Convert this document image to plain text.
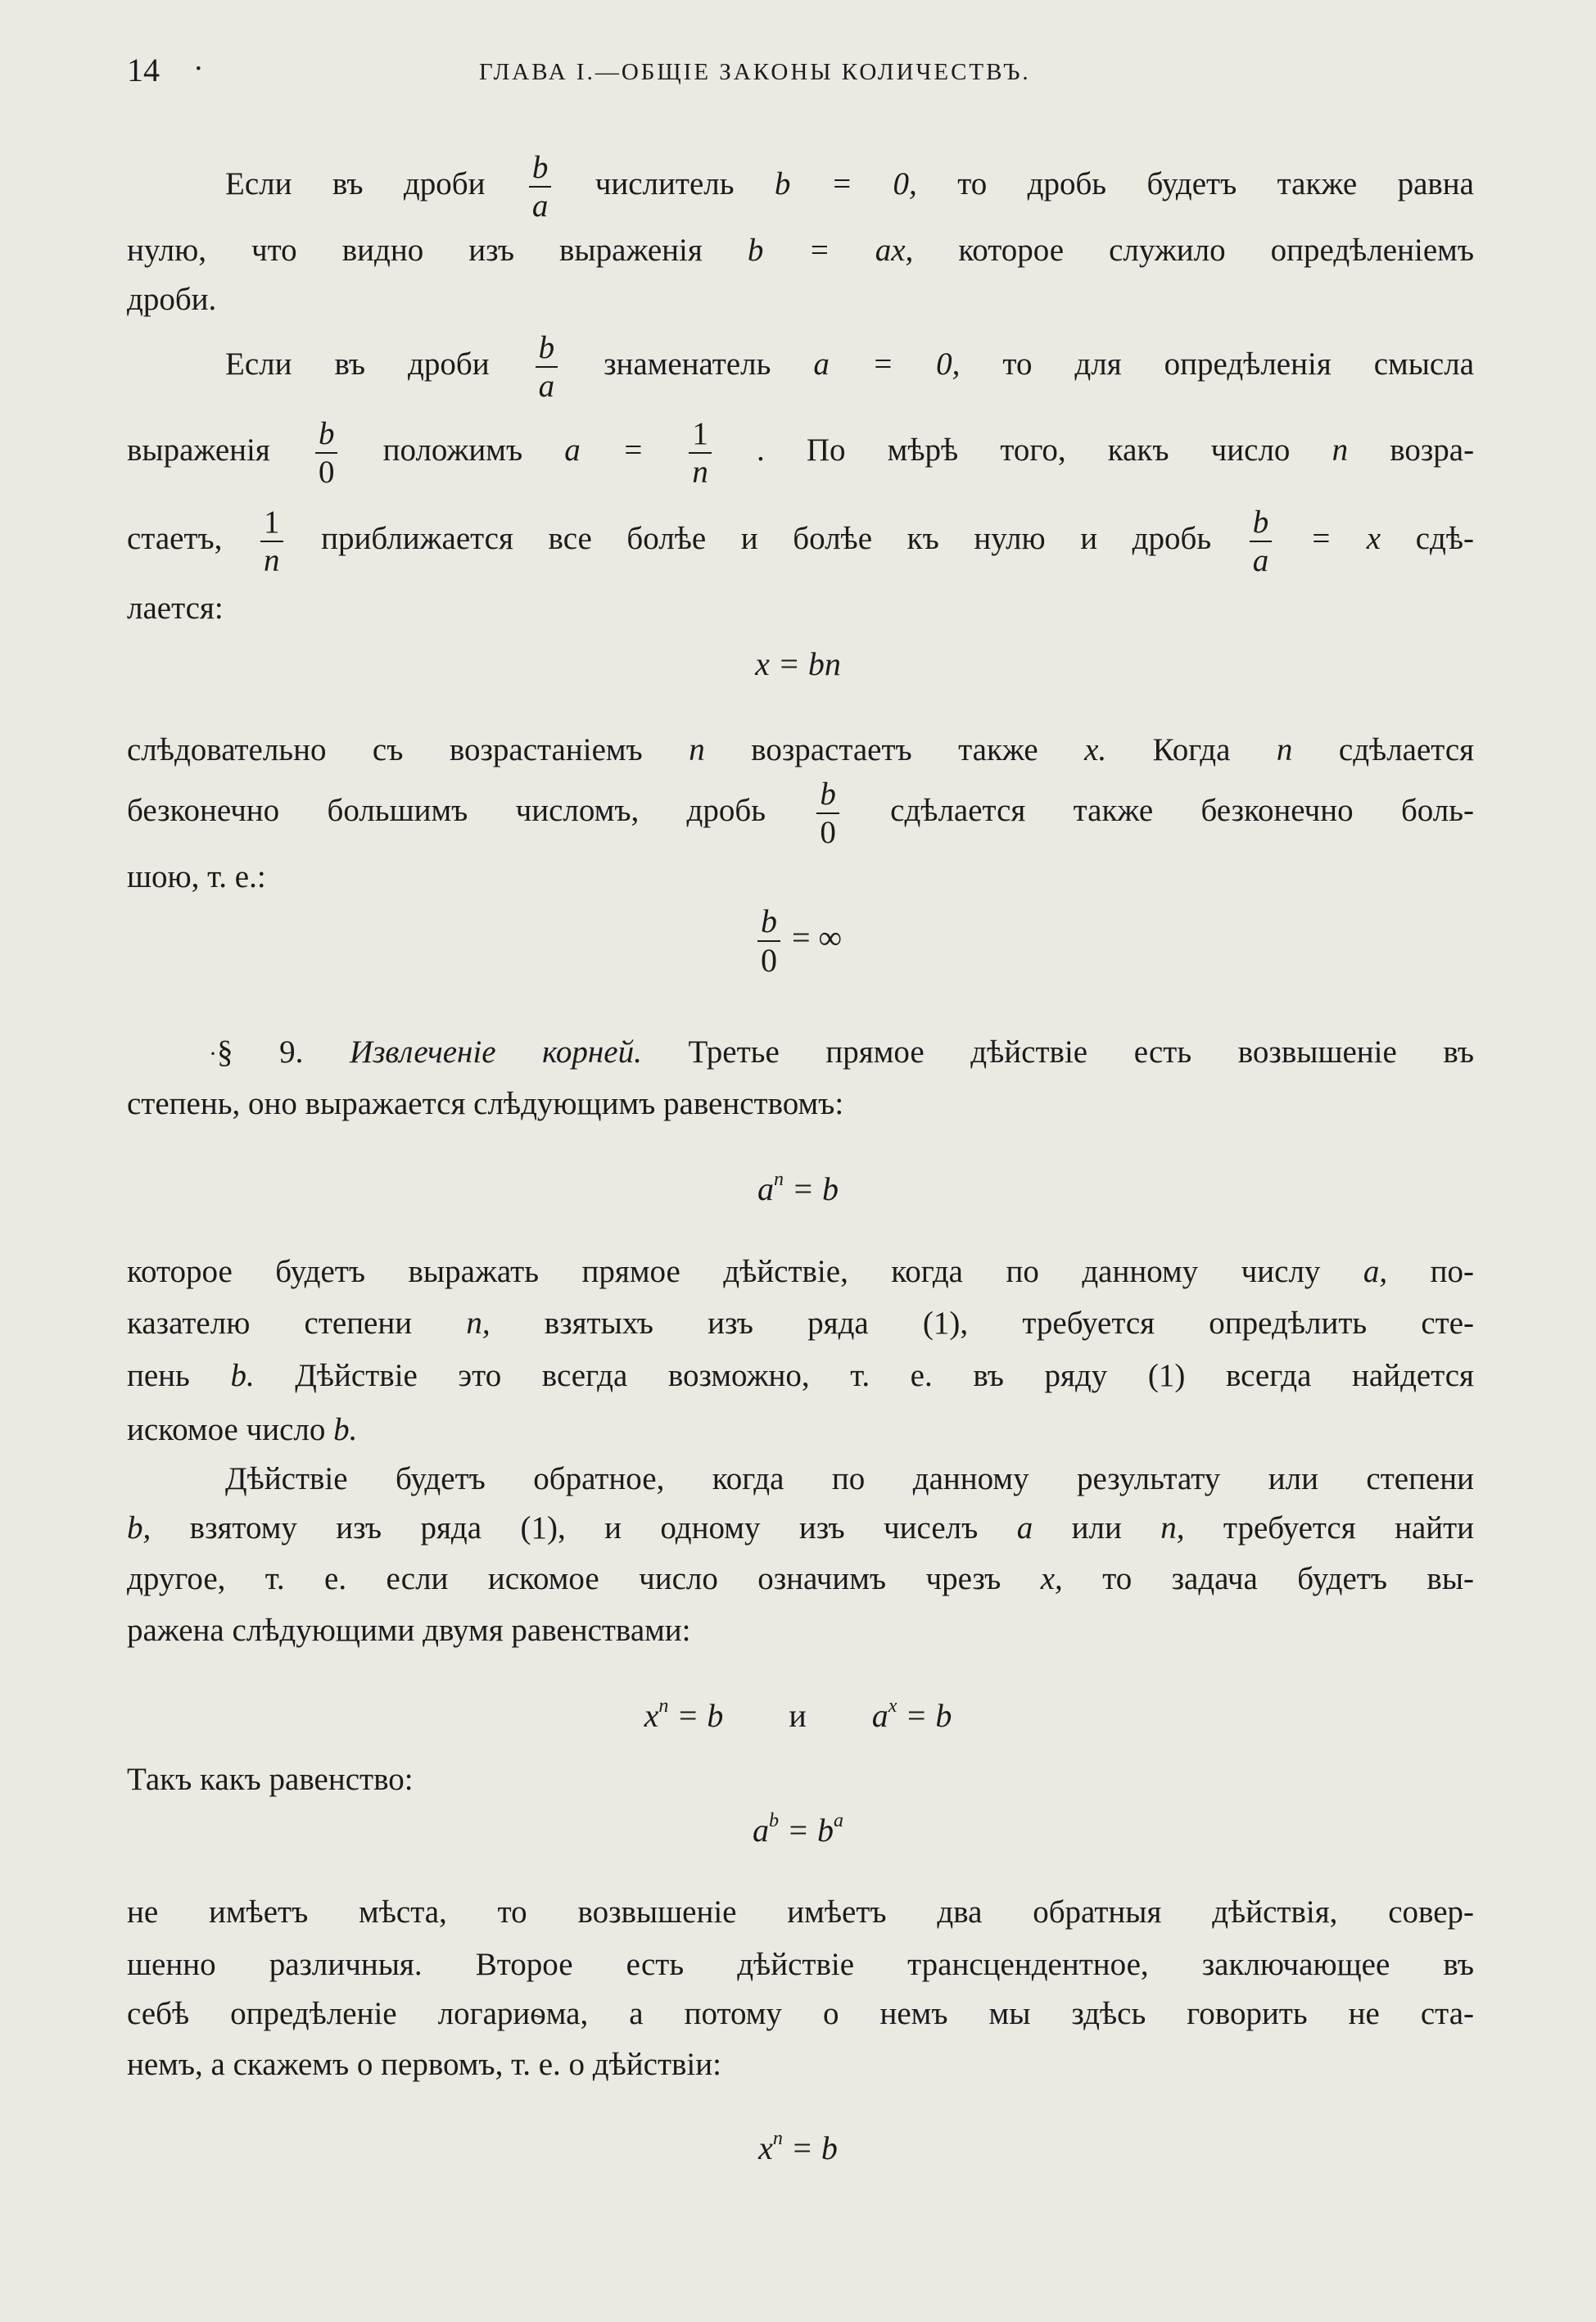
14 ·	ГЛАВА I.—ОБЩІЕ ЗАКОНЫ КОЛИЧЕСТВЪ.
Если въ дроби $\frac{b}{a}$ числитель b = 0, то дробь будетъ также равна
нулю, что видно изъ выраженія b = ax, которое служило опредѣленіемъ
дроби.
Если въ дроби $\frac{b}{a}$ знаменатель a = 0, то для опредѣленія смысла
выраженія $\frac{b}{0}$ положимъ $a = \frac{1}{n}$ . По мѣрѣ того, какъ число n возра-
стаетъ, $\frac{1}{n}$ приближается все болѣе и болѣе къ нулю и дробь $\frac{b}{a} = x$ сдѣ-
лается:
x = bn
слѣдовательно съ возрастаніемъ n возрастаетъ также x. Когда n сдѣлается
безконечно большимъ числомъ, дробь $\frac{b}{0}$ сдѣлается также безконечно боль-
шою, т. е.:
$\frac{b}{0}$ = ∞
· § 9. Извлеченіе корней. Третье прямое дѣйствіе есть возвышеніе въ
степень, оно выражается слѣдующимъ равенствомъ:
$a^n = b$
которое будетъ выражать прямое дѣйствіе, когда по данному числу a, по-
казателю степени n, взятыхъ изъ ряда (1), требуется опредѣлить сте-
пень b. Дѣйствіе это всегда возможно, т. е. въ ряду (1) всегда найдется
искомое число b.
Дѣйствіе будетъ обратное, когда по данному результату или степени
b, взятому изъ ряда (1), и одному изъ чиселъ a или n, требуется найти
другое, т. е. если искомое число означимъ чрезъ x, то задача будетъ вы-
ражена слѣдующими двумя равенствами:
$x^n = b$ и $a^x = b$
Такъ какъ равенство:
$a^b = b^a$
не имѣетъ мѣста, то возвышеніе имѣетъ два обратныя дѣйствія, совер-
шенно различныя. Второе есть дѣйствіе трансцендентное, заключающее въ
себѣ опредѣленіе логариѳма, а потому о немъ мы здѣсь говорить не ста-
немъ, а скажемъ о первомъ, т. е. о дѣйствіи:
$x^n = b$
